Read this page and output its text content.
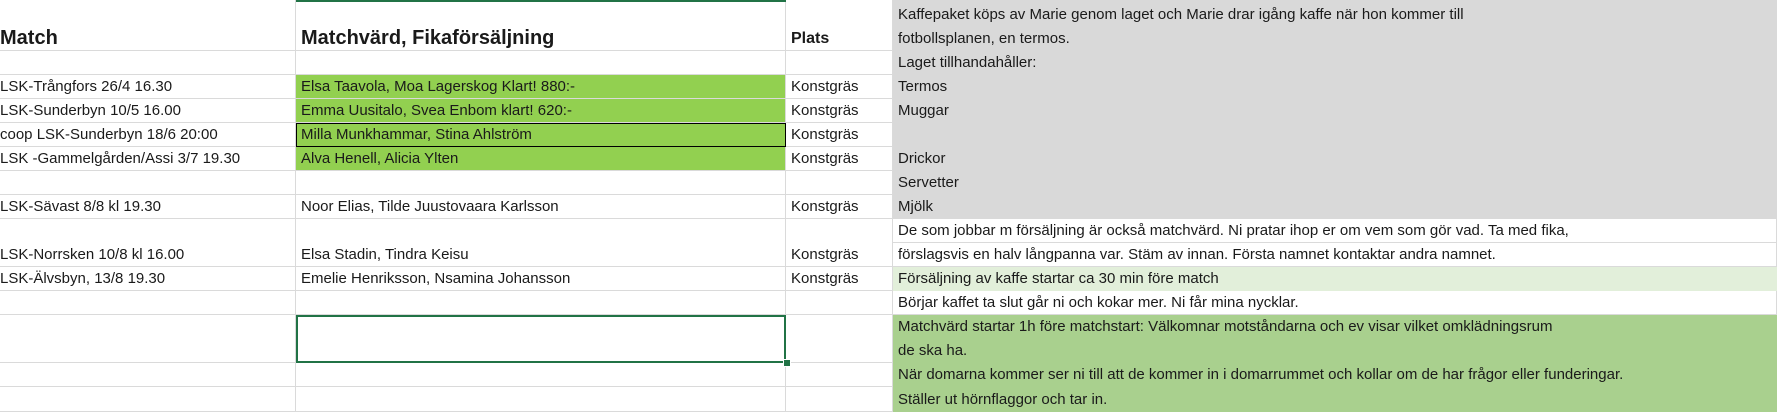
Match	Matchvärd, Fikaförsäljning	Plats
LSK-Trångfors 26/4 16.30	Elsa Taavola, Moa Lagerskog Klart! 880:-	Konstgräs
LSK-Sunderbyn 10/5 16.00	Emma Uusitalo, Svea Enbom klart! 620:-	Konstgräs
coop LSK-Sunderbyn 18/6 20:00	Milla Munkhammar, Stina Ahlström	Konstgräs
LSK -Gammelgården/Assi 3/7 19.30	Alva Henell, Alicia Ylten	Konstgräs
LSK-Sävast 8/8 kl 19.30	Noor Elias, Tilde Juustovaara Karlsson	Konstgräs
LSK-Norrsken 10/8 kl 16.00	Elsa Stadin, Tindra Keisu	Konstgräs
LSK-Älvsbyn, 13/8 19.30	Emelie Henriksson, Nsamina Johansson	Konstgräs
Kaffepaket köps av Marie genom laget och Marie drar igång kaffe när hon kommer till
fotbollsplanen, en termos.
Laget tillhandahåller:
Termos
Muggar
Drickor
Servetter
Mjölk
De som jobbar m försäljning är också matchvärd. Ni pratar ihop er om vem som gör vad. Ta med fika,
förslagsvis en halv långpanna var. Stäm av innan. Första namnet kontaktar andra namnet.
Försäljning av kaffe startar ca 30 min före match
Börjar kaffet ta slut går ni och kokar mer. Ni får mina nycklar.
Matchvärd startar 1h före matchstart: Välkomnar motståndarna och ev visar vilket omklädningsrum
de ska ha.
När domarna kommer ser ni till att de kommer in i domarrummet och kollar om de har frågor eller funderingar.
Ställer ut hörnflaggor och tar in.
